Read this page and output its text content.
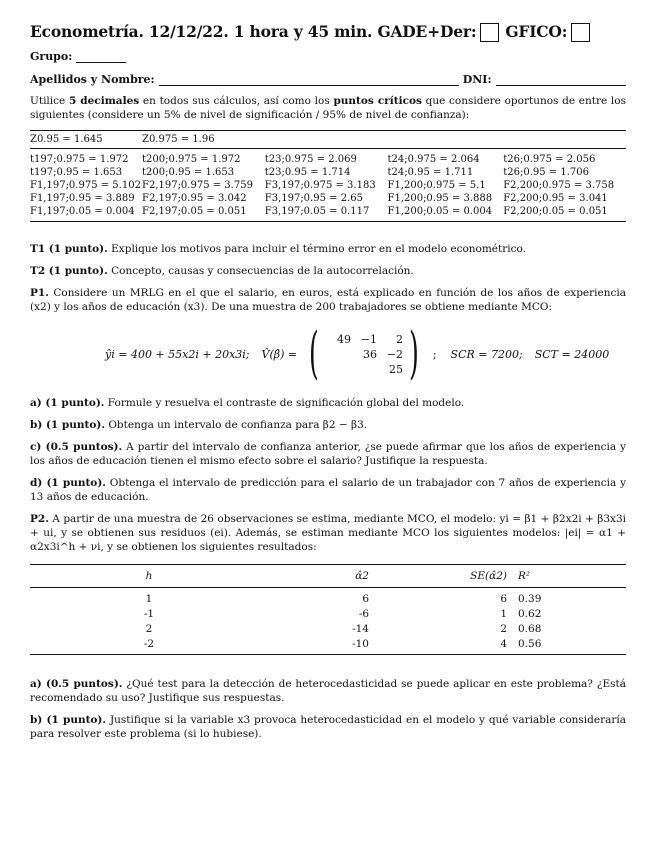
Econometría. 12/12/22. 1 hora y 45 min. GADE+Der: GFICO:
Grupo:
Apellidos y Nombre:	DNI:

Utilice 5 decimales en todos sus cálculos, así como los puntos críticos que considere oportunos de entre los siguientes (considere un 5% de nivel de significación / 95% de nivel de confianza):

Z0.95 = 1.645	Z0.975 = 1.96			
t197;0.975 = 1.972	t200;0.975 = 1.972	t23;0.975 = 2.069	t24;0.975 = 2.064	t26;0.975 = 2.056
t197;0.95 = 1.653	t200;0.95 = 1.653	t23;0.95 = 1.714	t24;0.95 = 1.711	t26;0.95 = 1.706
F1,197;0.975 = 5.102	F2,197;0.975 = 3.759	F3,197;0.975 = 3.183	F1,200;0.975 = 5.1	F2,200;0.975 = 3.758
F1,197;0.95 = 3.889	F2,197;0.95 = 3.042	F3,197;0.95 = 2.65	F1,200;0.95 = 3.888	F2,200;0.95 = 3.041
F1,197;0.05 = 0.004	F2,197;0.05 = 0.051	F3,197;0.05 = 0.117	F1,200;0.05 = 0.004	F2,200;0.05 = 0.051

T1 (1 punto). Explique los motivos para incluir el término error en el modelo econométrico.

T2 (1 punto). Concepto, causas y consecuencias de la autocorrelación.

P1. Considere un MRLG en el que el salario, en euros, está explicado en función de los años de experiencia (x2) y los años de educación (x3). De una muestra de 200 trabajadores se obtiene mediante MCO:

ŷi = 400 + 55x2i + 20x3i; V̂(β̂) = (	49 −1	2
36 −2
25 ) ; SCR = 7200; SCT = 24000

a) (1 punto). Formule y resuelva el contraste de significación global del modelo.

b) (1 punto). Obtenga un intervalo de confianza para β2 − β3.

c) (0.5 puntos). A partir del intervalo de confianza anterior, ¿se puede afirmar que los años de experiencia y los años de educación tienen el mismo efecto sobre el salario? Justifique la respuesta.

d) (1 punto). Obtenga el intervalo de predicción para el salario de un trabajador con 7 años de experiencia y 13 años de educación.

P2. A partir de una muestra de 26 observaciones se estima, mediante MCO, el modelo: yi = β1 + β2x2i + β3x3i + ui, y se obtienen sus residuos (ei). Además, se estiman mediante MCO los siguientes modelos: |ei| = α1 + α2x3i^h + νi, y se obtienen los siguientes resultados:

h	α̂2	SE(α̂2)	R²
1	6	6	0.39
-1	-6	1	0.62
2	-14	2	0.68
-2	-10	4	0.56

a) (0.5 puntos). ¿Qué test para la detección de heterocedasticidad se puede aplicar en este problema? ¿Está recomendado su uso? Justifique sus respuestas.

b) (1 punto). Justifique si la variable x3 provoca heterocedasticidad en el modelo y qué variable consideraría para resolver este problema (si lo hubiese).
